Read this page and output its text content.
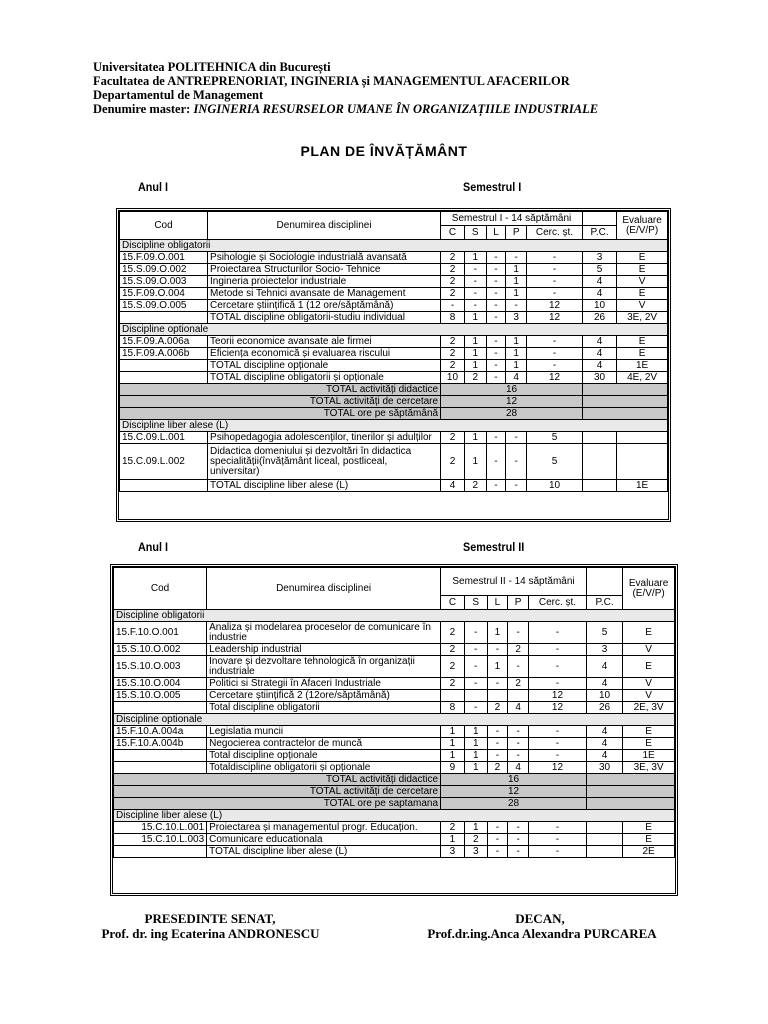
Universitatea POLITEHNICA din București
Facultatea de ANTREPRENORIAT, INGINERIA și MANAGEMENTUL AFACERILOR
Departamentul de Management
Denumire master: INGINERIA RESURSELOR UMANE ÎN ORGANIZAȚIILE INDUSTRIALE
PLAN DE ÎNVĂȚĂMÂNT
Anul I	Semestrul I
Cod	Denumirea disciplinei	Semestrul I - 14 săptămâni						Evaluare (E/V/P)
		C	S	L	P	Cerc. șt.	P.C.	
Discipline obligatorii								
15.F.09.O.001	Psihologie și Sociologie industrială avansată	2	1	-	-	-	3	E
15.S.09.O.002	Proiectarea Structurilor Socio- Tehnice	2	-	-	1	-	5	E
15.S.09.O.003	Ingineria proiectelor industriale	2	-	-	1	-	4	V
15.F.09.O.004	Metode si Tehnici avansate de Management	2	-	-	1	-	4	E
15.S.09.O.005	Cercetare științifică 1 (12 ore/săptămână)	-	-	-	-	12	10	V
	TOTAL discipline obligatorii-studiu individual	8	1	-	3	12	26	3E, 2V
Discipline optionale								
15.F.09.A.006a	Teorii economice avansate ale firmei	2	1	-	1	-	4	E
15.F.09.A.006b	Eficiența economică și evaluarea riscului	2	1	-	1	-	4	E
	TOTAL discipline opționale	2	1	-	1	-	4	1E
	TOTAL discipline obligatorii și opționale	10	2	-	4	12	30	4E, 2V
TOTAL activități didactice		16						
TOTAL activități de cercetare		12						
TOTAL ore pe săptămână		28						
Discipline liber alese (L)								
15.C.09.L.001	Psihopedagogia adolescenților, tinerilor și adulților	2	1	-	-	5		
15.C.09.L.002	Didactica domeniului și dezvoltări în didactica specialității(învățământ liceal, postliceal, universitar)	2	1	-	-	5		
	TOTAL discipline liber alese (L)	4	2	-	-	10		1E
Anul I	Semestrul II
Cod	Denumirea disciplinei	Semestrul II - 14 săptămâni						Evaluare (E/V/P)
		C	S	L	P	Cerc. șt.	P.C.	
Discipline obligatorii								
15.F.10.O.001	Analiza și modelarea proceselor de comunicare în industrie	2	-	1	-	-	5	E
15.S.10.O.002	Leadership industrial	2	-	-	2	-	3	V
15.S.10.O.003	Inovare și dezvoltare tehnologică în organizații industriale	2	-	1	-	-	4	E
15.S.10.O.004	Politici si Strategii în Afaceri Industriale	2	-	-	2	-	4	V
15.S.10.O.005	Cercetare științifică 2 (12ore/săptămână)					12	10	V
	Total discipline obligatorii	8	-	2	4	12	26	2E, 3V
Discipline optionale								
15.F.10.A.004a	Legislatia muncii	1	1	-	-	-	4	E
15.F.10.A.004b	Negocierea contractelor de muncă	1	1	-	-	-	4	E
	Total discipline opționale	1	1	-	-	-	4	1E
	Totaldiscipline obligatorii și opționale	9	1	2	4	12	30	3E, 3V
TOTAL activități didactice		16						
TOTAL activități de cercetare		12						
TOTAL ore pe saptamana		28						
Discipline liber alese (L)								
15.C.10.L.001	Proiectarea și managementul progr. Educațion.	2	1	-	-	-		E
15.C.10.L.003	Comunicare educationala	1	2	-	-	-		E
	TOTAL discipline liber alese (L)	3	3	-	-	-		2E
PRESEDINTE SENAT,
Prof. dr. ing Ecaterina ANDRONESCU
DECAN,
Prof.dr.ing.Anca Alexandra PURCAREA
